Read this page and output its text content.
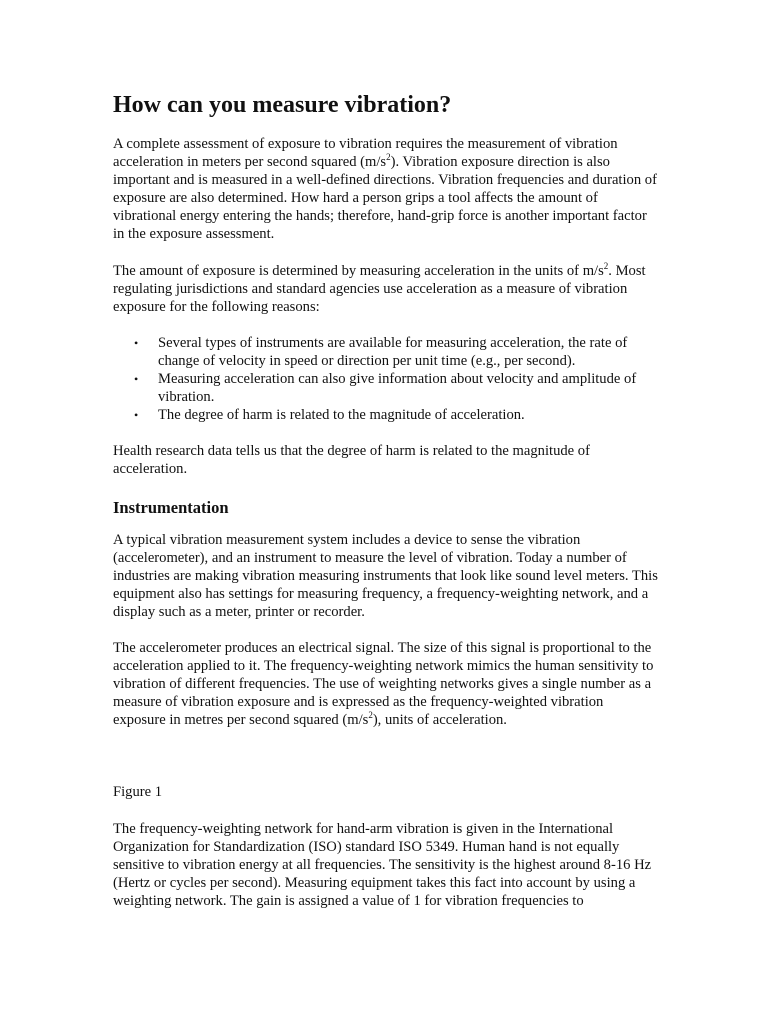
How can you measure vibration?

A complete assessment of exposure to vibration requires the measurement of vibration acceleration in meters per second squared $(m/s^2)$. Vibration exposure direction is also important and is measured in a well-defined directions. Vibration frequencies and duration of exposure are also determined. How hard a person grips a tool affects the amount of vibrational energy entering the hands; therefore, hand-grip force is another important factor in the exposure assessment.

The amount of exposure is determined by measuring acceleration in the units of $m/s^2$. Most regulating jurisdictions and standard agencies use acceleration as a measure of vibration exposure for the following reasons:

• Several types of instruments are available for measuring acceleration, the rate of change of velocity in speed or direction per unit time (e.g., per second).
• Measuring acceleration can also give information about velocity and amplitude of vibration.
• The degree of harm is related to the magnitude of acceleration.

Health research data tells us that the degree of harm is related to the magnitude of acceleration.

Instrumentation

A typical vibration measurement system includes a device to sense the vibration (accelerometer), and an instrument to measure the level of vibration. Today a number of industries are making vibration measuring instruments that look like sound level meters. This equipment also has settings for measuring frequency, a frequency-weighting network, and a display such as a meter, printer or recorder.

The accelerometer produces an electrical signal. The size of this signal is proportional to the acceleration applied to it. The frequency-weighting network mimics the human sensitivity to vibration of different frequencies. The use of weighting networks gives a single number as a measure of vibration exposure and is expressed as the frequency-weighted vibration exposure in metres per second squared $(m/s^2)$, units of acceleration.

Figure 1

The frequency-weighting network for hand-arm vibration is given in the International Organization for Standardization (ISO) standard ISO 5349. Human hand is not equally sensitive to vibration energy at all frequencies. The sensitivity is the highest around 8-16 Hz (Hertz or cycles per second). Measuring equipment takes this fact into account by using a weighting network. The gain is assigned a value of 1 for vibration frequencies to
